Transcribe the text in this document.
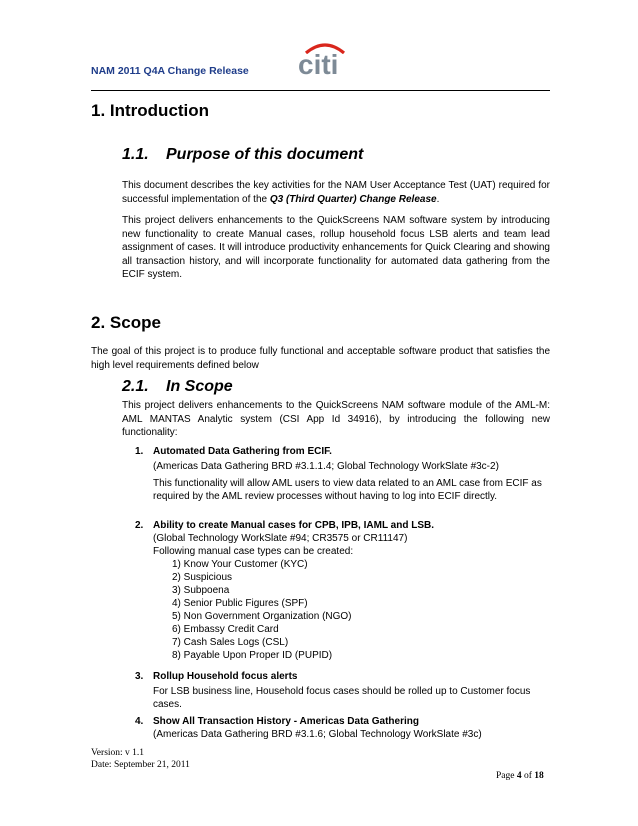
NAM 2011 Q4A Change Release citi
1. Introduction
1.1. Purpose of this document
This document describes the key activities for the NAM User Acceptance Test (UAT) required for successful implementation of the Q3 (Third Quarter) Change Release.
This project delivers enhancements to the QuickScreens NAM software system by introducing new functionality to create Manual cases, rollup household focus LSB alerts and team lead assignment of cases. It will introduce productivity enhancements for Quick Clearing and showing all transaction history, and will incorporate functionality for automated data gathering from the ECIF system.
2. Scope
The goal of this project is to produce fully functional and acceptable software product that satisfies the high level requirements defined below
2.1. In Scope
This project delivers enhancements to the QuickScreens NAM software module of the AML-M: AML MANTAS Analytic system (CSI App Id 34916), by introducing the following new functionality:
1. Automated Data Gathering from ECIF.
(Americas Data Gathering BRD #3.1.1.4; Global Technology WorkSlate #3c-2)
This functionality will allow AML users to view data related to an AML case from ECIF as required by the AML review processes without having to log into ECIF directly.
2. Ability to create Manual cases for CPB, IPB, IAML and LSB.
(Global Technology WorkSlate #94; CR3575 or CR11147)
Following manual case types can be created:
1) Know Your Customer (KYC)
2) Suspicious
3) Subpoena
4) Senior Public Figures (SPF)
5) Non Government Organization (NGO)
6) Embassy Credit Card
7) Cash Sales Logs (CSL)
8) Payable Upon Proper ID (PUPID)
3. Rollup Household focus alerts
For LSB business line, Household focus cases should be rolled up to Customer focus cases.
4. Show All Transaction History - Americas Data Gathering
(Americas Data Gathering BRD #3.1.6; Global Technology WorkSlate #3c)
Version: v 1.1
Date: September 21, 2011
Page 4 of 18
